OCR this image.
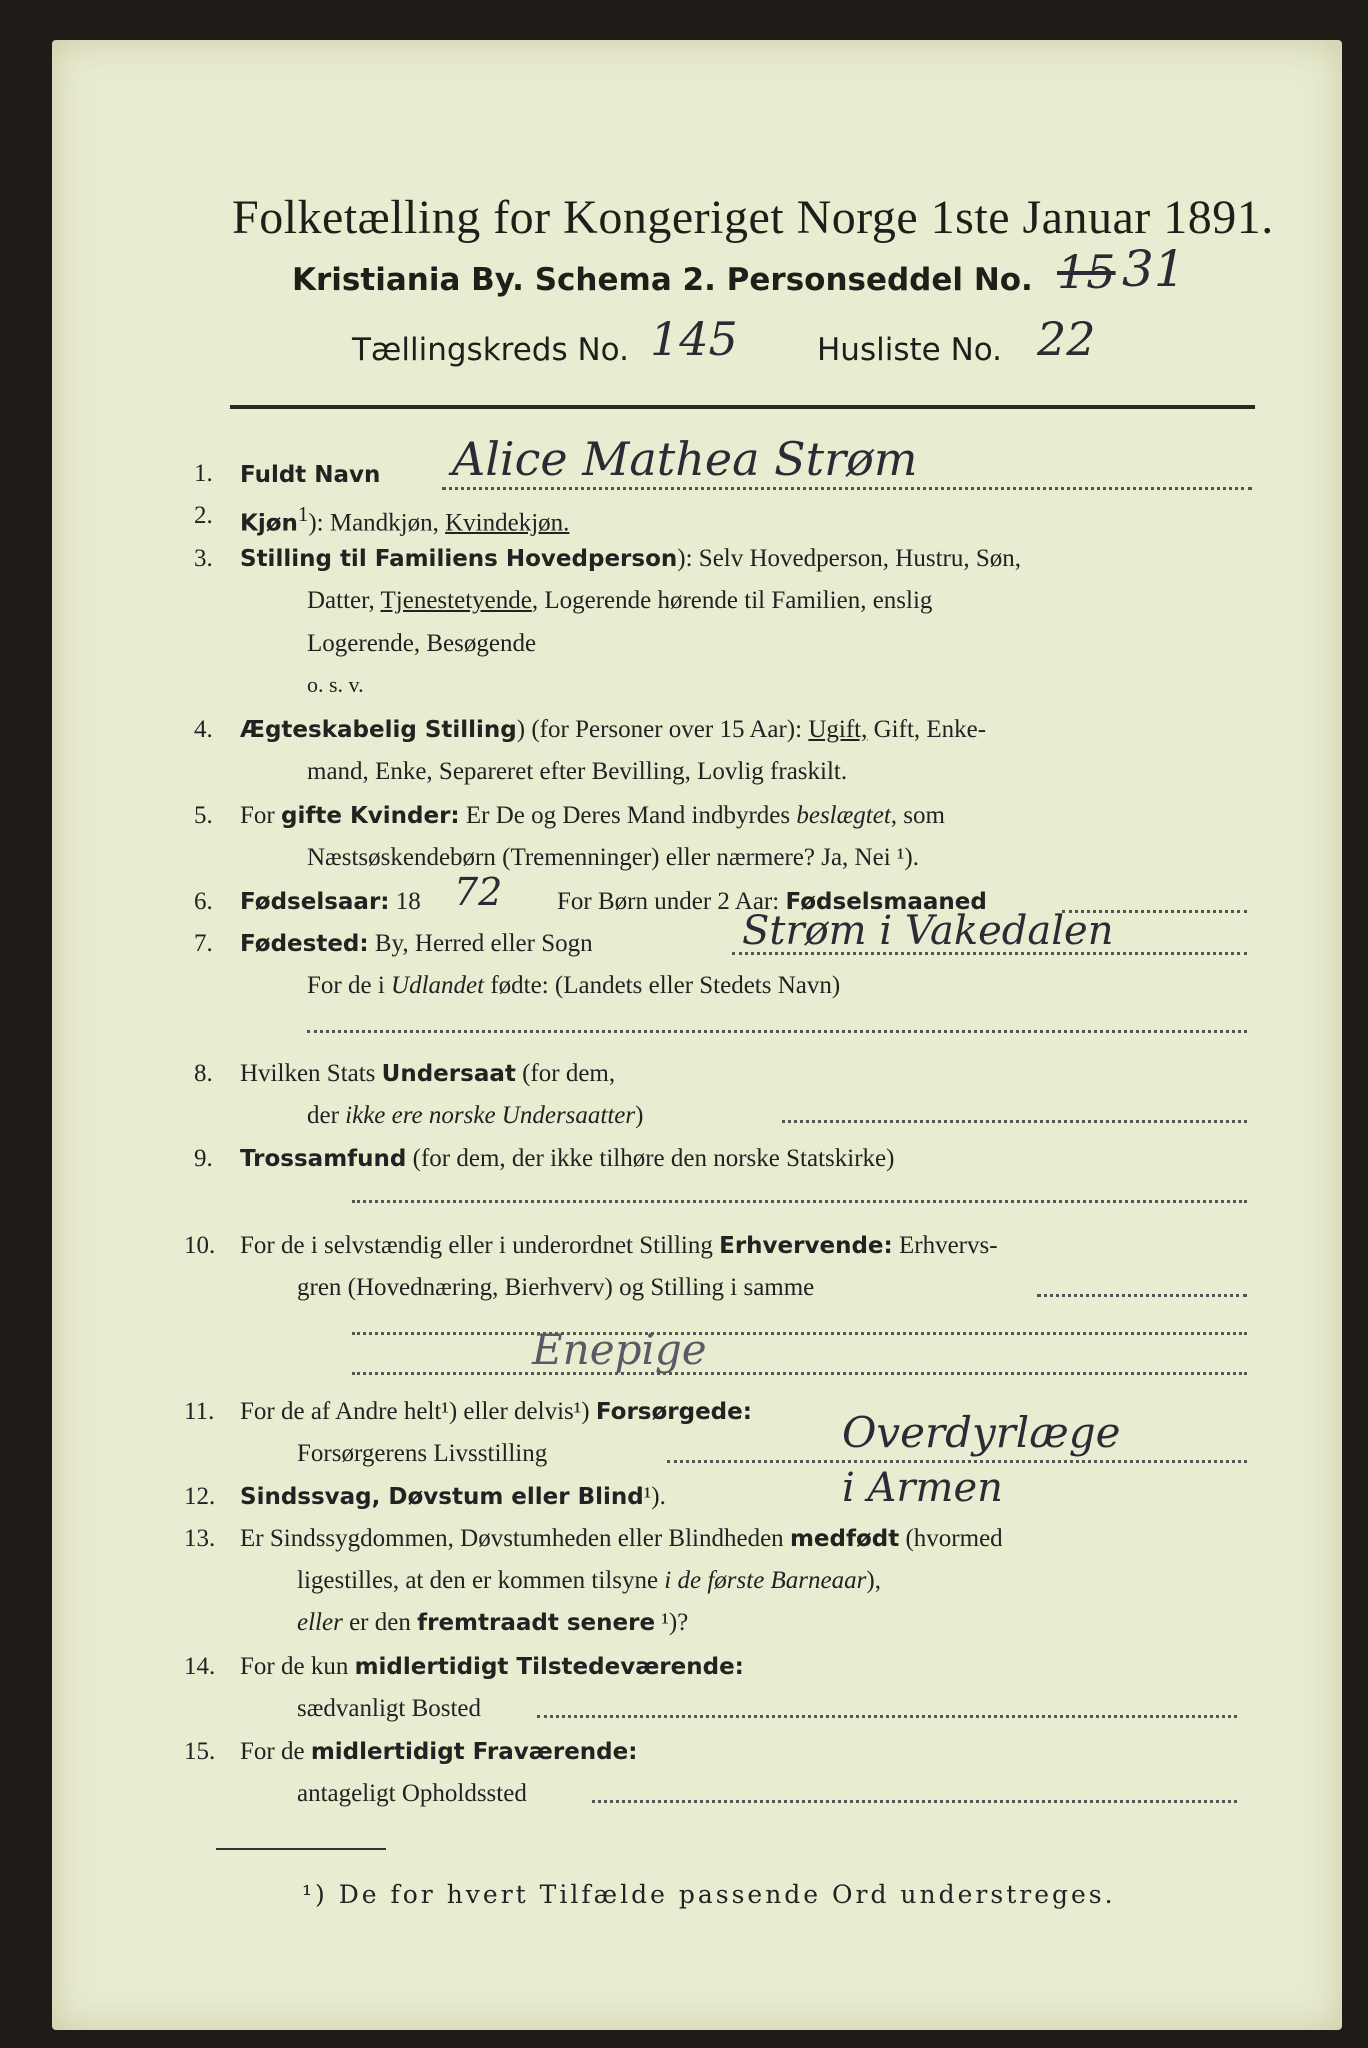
Folketælling for Kongeriget Norge 1ste Januar 1891.
Kristiania By. Schema 2. Personseddel No. 15 31
Tællingskreds No. 145	Husliste No. 22
1. Fuldt Navn Alice Mathea Strøm
2. Kjøn$^1$): Mandkjøn, Kvindekjøn.
3. Stilling til Familiens Hovedperson): Selv Hovedperson, Hustru, Søn,
Datter, Tjenestetyende, Logerende hørende til Familien, enslig
Logerende, Besøgende
o. s. v.
4. Ægteskabelig Stilling) (for Personer over 15 Aar): Ugift, Gift, Enke-
mand, Enke, Separeret efter Bevilling, Lovlig fraskilt.
5. For gifte Kvinder: Er De og Deres Mand indbyrdes beslægtet, som
Næstsøskendebørn (Tremenninger) eller nærmere? Ja, Nei ¹).
6. Fødselsaar: 18 72 For Børn under 2 Aar: Fødselsmaaned
7. Fødested: By, Herred eller Sogn	Strøm i Vakedalen
For de i Udlandet fødte: (Landets eller Stedets Navn)
8. Hvilken Stats Undersaat (for dem,
der ikke ere norske Undersaatter)
9. Trossamfund (for dem, der ikke tilhøre den norske Statskirke)
10. For de i selvstændig eller i underordnet Stilling Erhvervende: Erhvervs-
gren (Hovednæring, Bierhverv) og Stilling i samme
Enepige
11. For de af Andre helt¹) eller delvis¹) Forsørgede:
Forsørgerens Livsstilling	Overdyrlæge
12. Sindssvag, Døvstum eller Blind¹).	i Armen
13. Er Sindssygdommen, Døvstumheden eller Blindheden medfødt (hvormed
ligestilles, at den er kommen tilsyne i de første Barneaar),
eller er den fremtraadt senere ¹)?
14. For de kun midlertidigt Tilstedeværende:
sædvanligt Bosted
15. For de midlertidigt Fraværende:
antageligt Opholdssted
¹) De for hvert Tilfælde passende Ord understreges.
